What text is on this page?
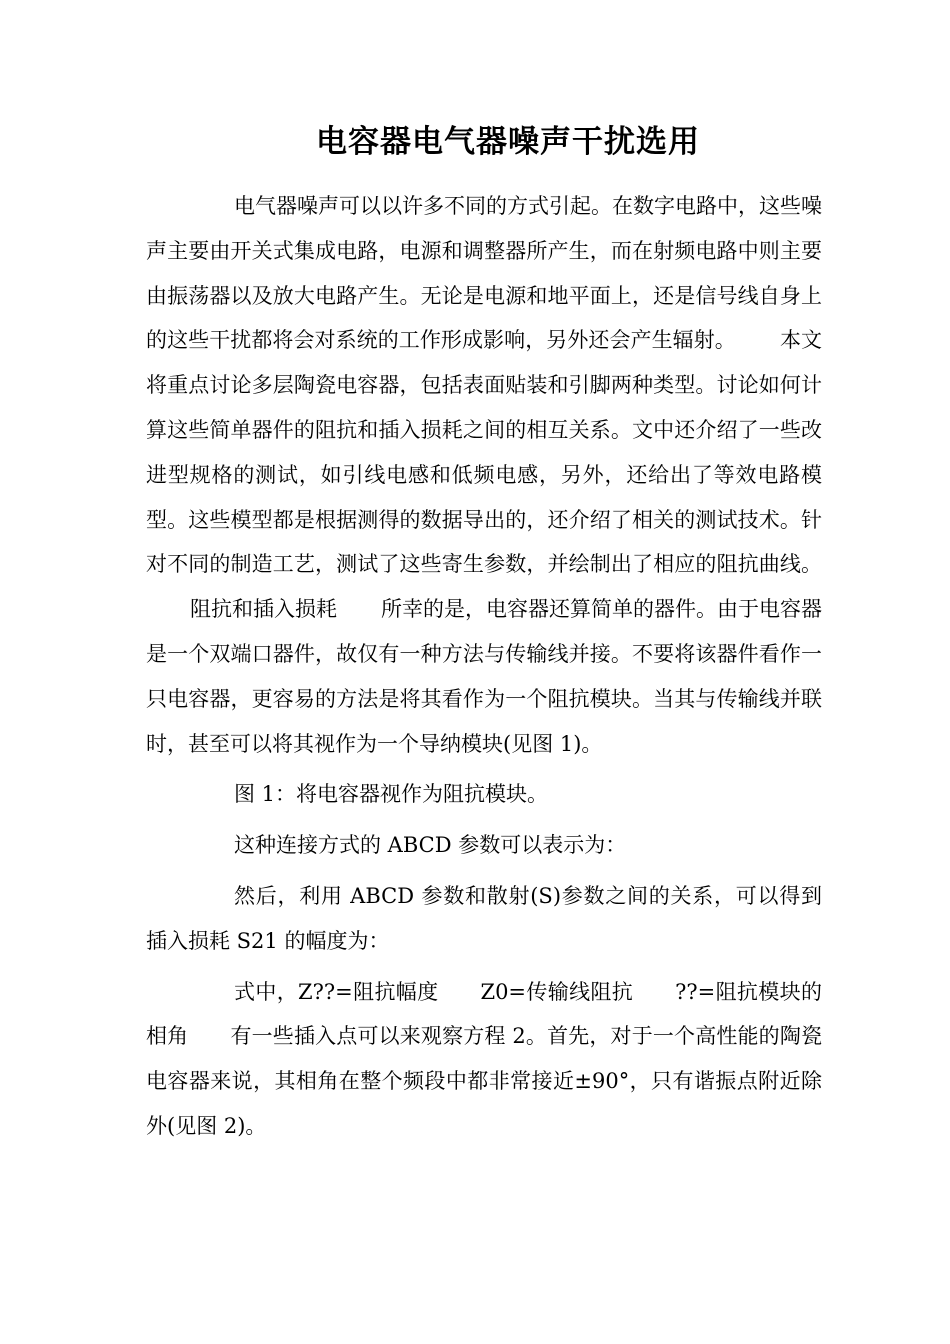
电容器电气器噪声干扰选用

电气器噪声可以以许多不同的方式引起。在数字电路中，这些噪声主要由开关式集成电路，电源和调整器所产生，而在射频电路中则主要由振荡器以及放大电路产生。无论是电源和地平面上，还是信号线自身上的这些干扰都将会对系统的工作形成影响，另外还会产生辐射。 本文将重点讨论多层陶瓷电容器，包括表面贴装和引脚两种类型。讨论如何计算这些简单器件的阻抗和插入损耗之间的相互关系。文中还介绍了一些改进型规格的测试，如引线电感和低频电感，另外，还给出了等效电路模型。这些模型都是根据测得的数据导出的，还介绍了相关的测试技术。针对不同的制造工艺，测试了这些寄生参数，并绘制出了相应的阻抗曲线。阻抗和插入损耗 所幸的是，电容器还算简单的器件。由于电容器是一个双端口器件，故仅有一种方法与传输线并接。不要将该器件看作一只电容器，更容易的方法是将其看作为一个阻抗模块。当其与传输线并联时，甚至可以将其视作为一个导纳模块(见图 1)。

图 1：将电容器视作为阻抗模块。

这种连接方式的 ABCD 参数可以表示为：

然后，利用 ABCD 参数和散射(S)参数之间的关系，可以得到插入损耗 S21 的幅度为：

式中，Z??=阻抗幅度 Z0=传输线阻抗 ??=阻抗模块的相角 有一些插入点可以来观察方程 2。首先，对于一个高性能的陶瓷电容器来说，其相角在整个频段中都非常接近±90°，只有谐振点附近除外(见图 2)。
